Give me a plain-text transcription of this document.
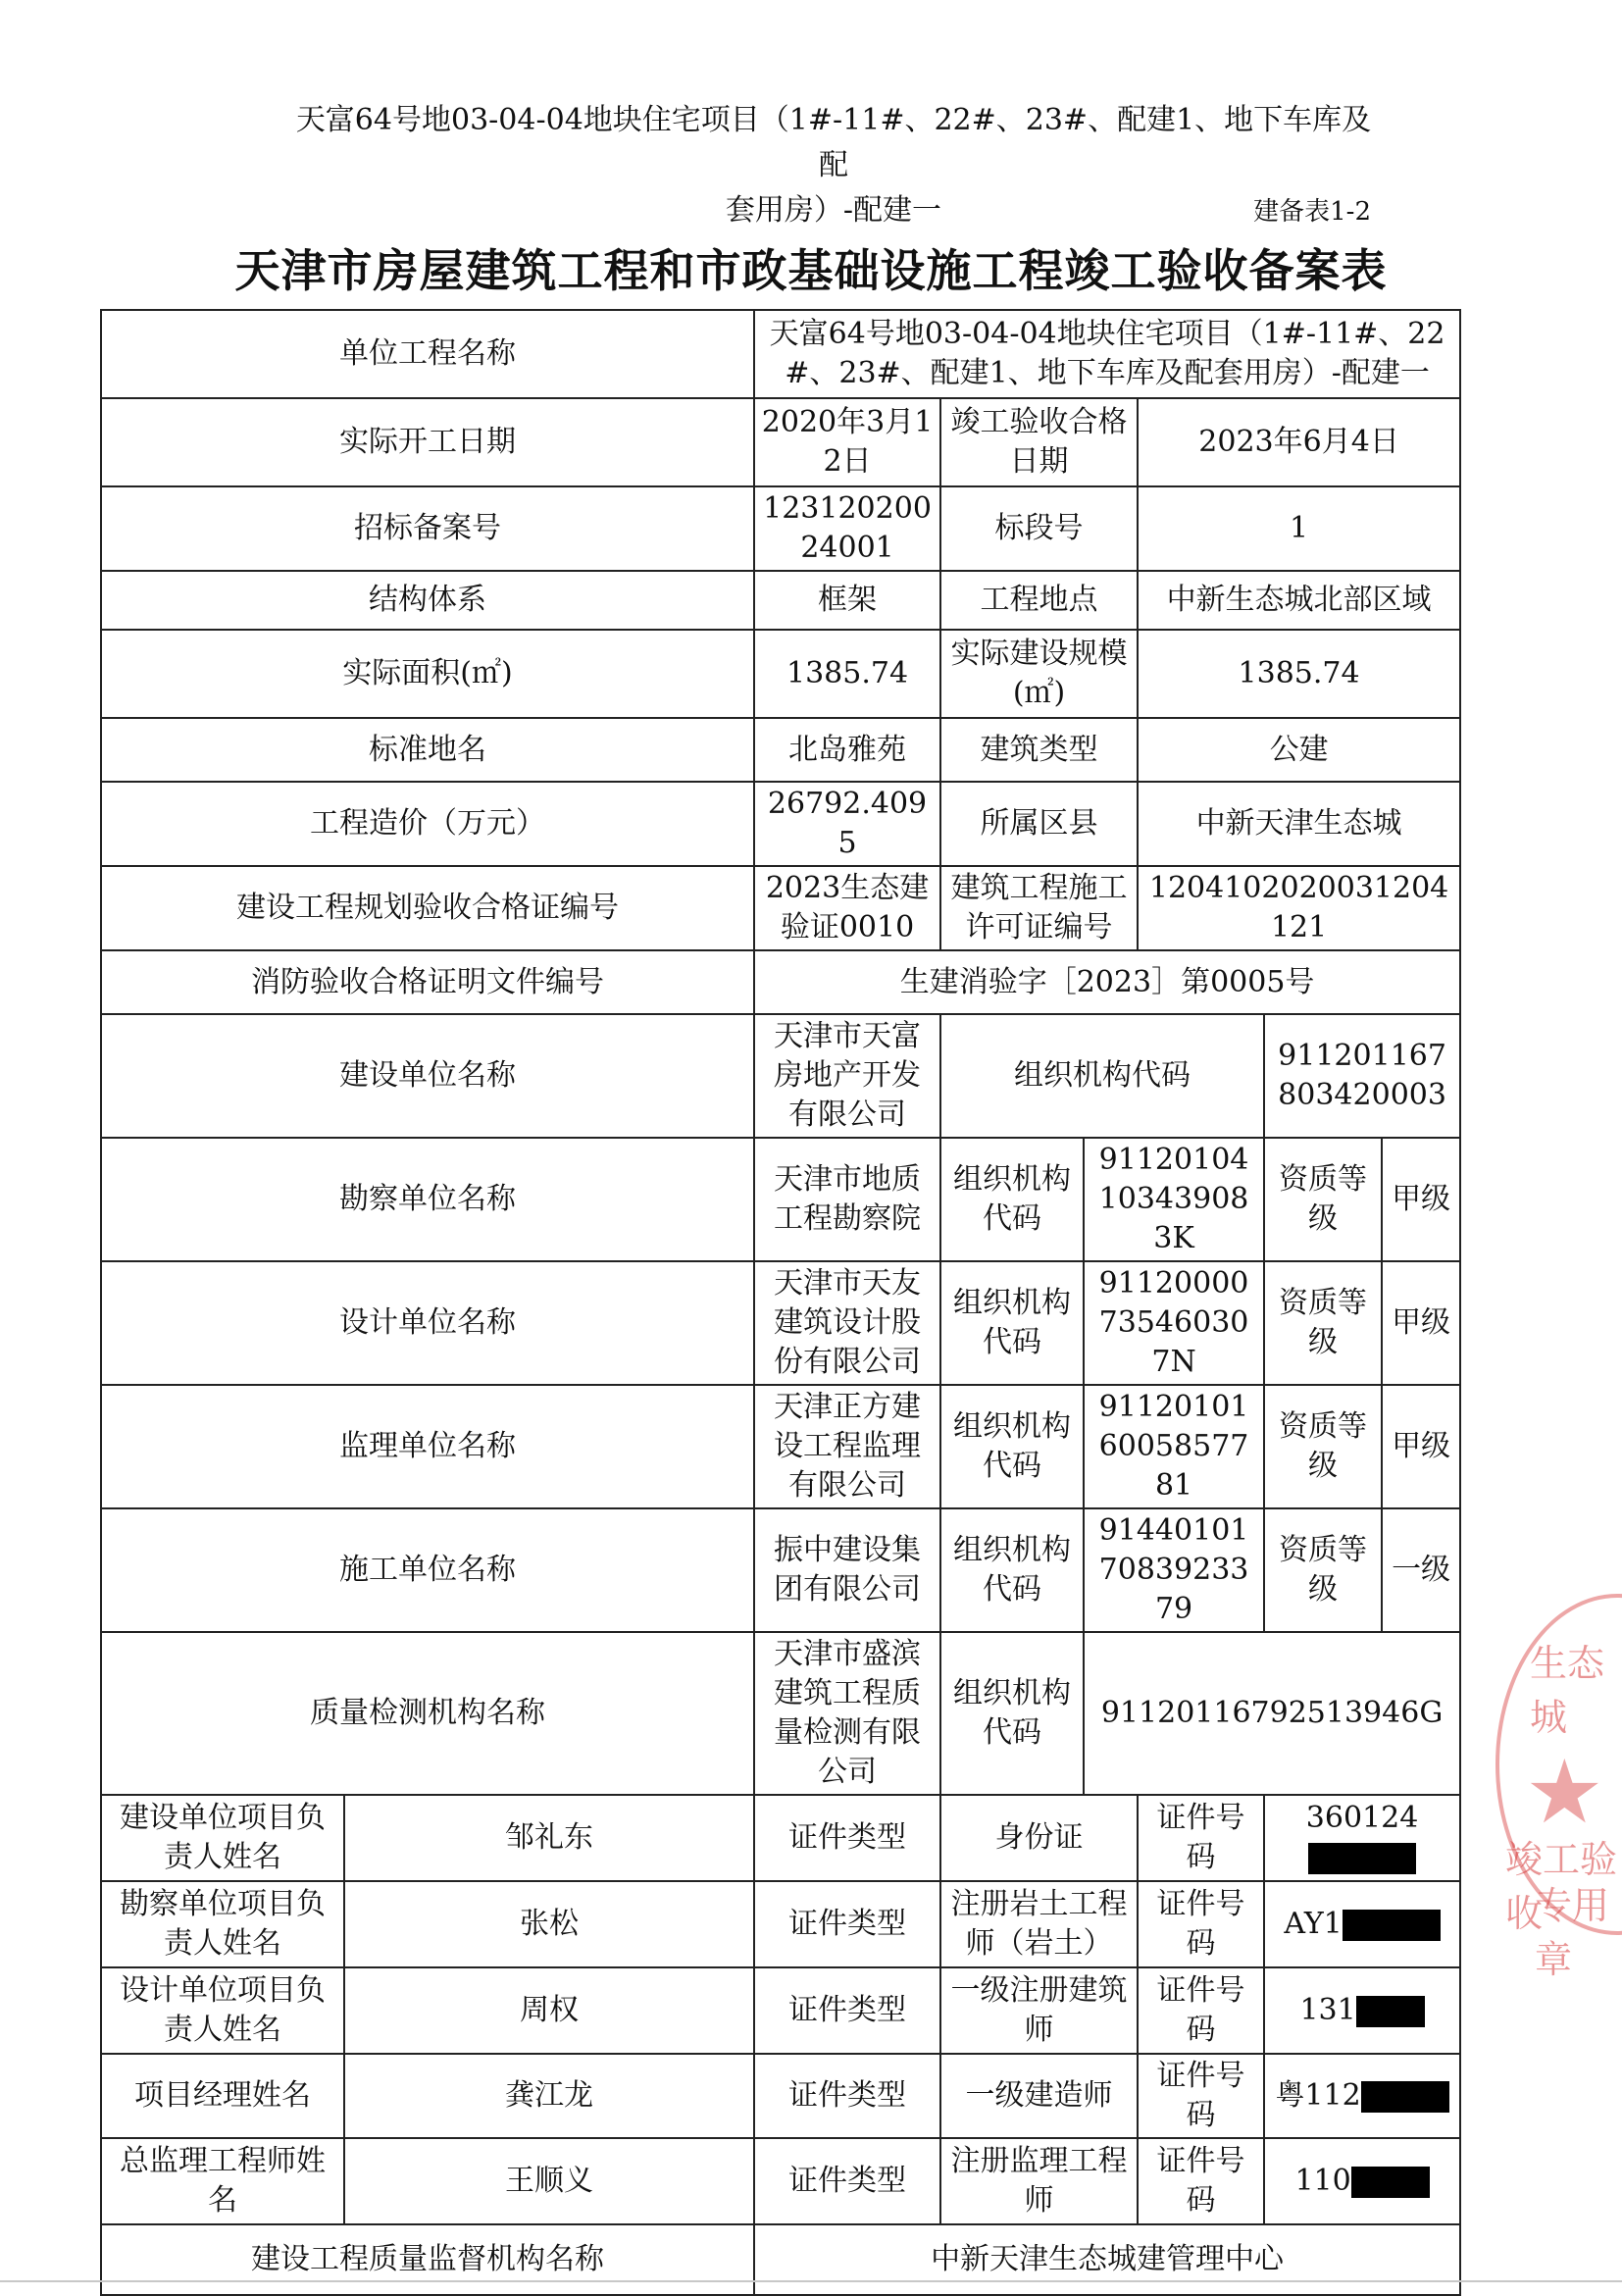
天富64号地03-04-04地块住宅项目（1#-11#、22#、23#、配建1、地下车库及配
套用房）-配建一	建备表1-2
天津市房屋建筑工程和市政基础设施工程竣工验收备案表
单位工程名称		天富64号地03-04-04地块住宅项目（1#-11#、22#、23#、配建1、地下车库及配套用房）-配建一					
实际开工日期		2020年3月12日	竣工验收合格日期		2023年6月4日		
招标备案号		12312020024001	标段号		1		
结构体系		框架	工程地点		中新生态城北部区域		
实际面积(㎡)		1385.74	实际建设规模(㎡)		1385.74		
标准地名		北岛雅苑	建筑类型		公建		
工程造价（万元）		26792.4095	所属区县		中新天津生态城		
建设工程规划验收合格证编号		2023生态建验证0010	建筑工程施工许可证编号		1204102020031204121		
消防验收合格证明文件编号		生建消验字［2023］第0005号					
建设单位名称		天津市天富房地产开发有限公司	组织机构代码			911201167803420003	
勘察单位名称		天津市地质工程勘察院	组织机构代码	91120104103439083K		资质等级	甲级
设计单位名称		天津市天友建筑设计股份有限公司	组织机构代码	91120000735460307N		资质等级	甲级
监理单位名称		天津正方建设工程监理有限公司	组织机构代码	911201016005857781		资质等级	甲级
施工单位名称		振中建设集团有限公司	组织机构代码	914401017083923379		资质等级	一级
质量检测机构名称		天津市盛滨建筑工程质量检测有限公司	组织机构代码	91120116792513946G			
建设单位项目负责人姓名	邹礼东	证件类型	身份证		证件号码	360124	
勘察单位项目负责人姓名	张松	证件类型	注册岩土工程师（岩土）		证件号码	AY1	
设计单位项目负责人姓名	周权	证件类型	一级注册建筑师		证件号码	131	
项目经理姓名	龚江龙	证件类型	一级建造师		证件号码	粤112	
总监理工程师姓名	王顺义	证件类型	注册监理工程师		证件号码	110	
建设工程质量监督机构名称		中新天津生态城建管理中心					
生态城
★
竣工验收
专用章
